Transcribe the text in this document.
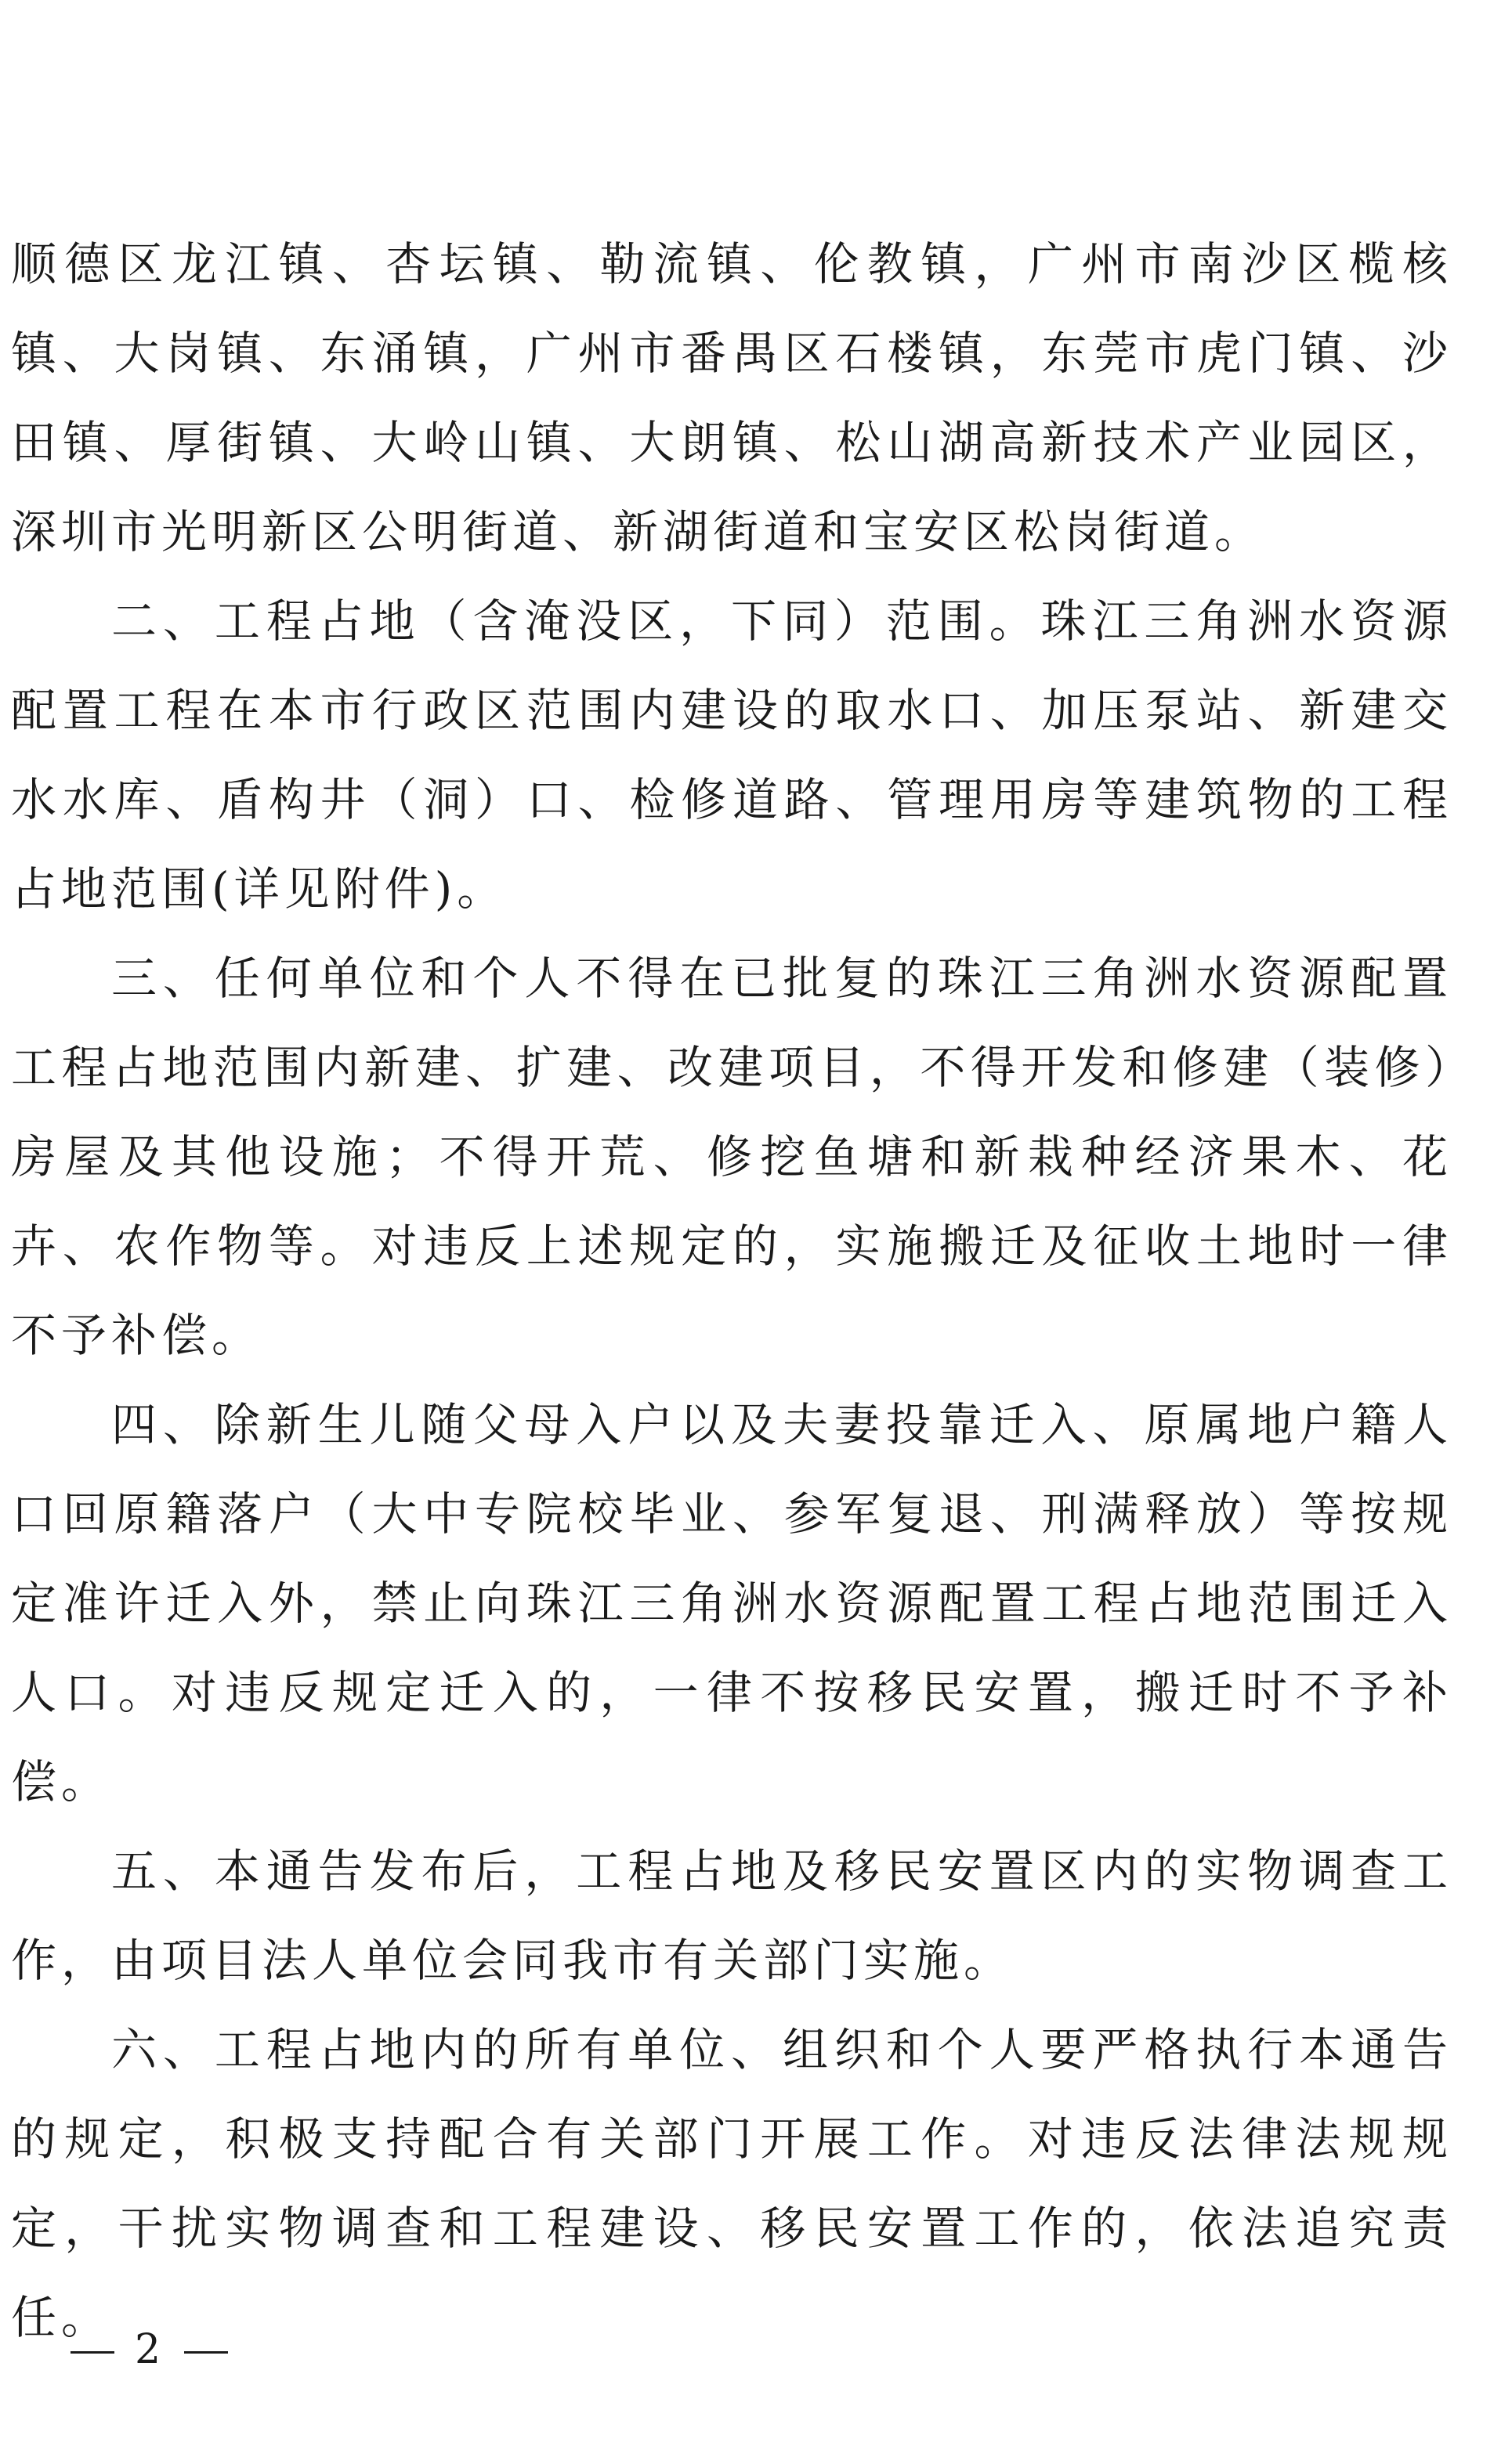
顺德区龙江镇、杏坛镇、勒流镇、伦教镇，广州市南沙区榄核镇、大岗镇、东涌镇，广州市番禺区石楼镇，东莞市虎门镇、沙田镇、厚街镇、大岭山镇、大朗镇、松山湖高新技术产业园区，深圳市光明新区公明街道、新湖街道和宝安区松岗街道。

二、工程占地（含淹没区，下同）范围。珠江三角洲水资源配置工程在本市行政区范围内建设的取水口、加压泵站、新建交水水库、盾构井（洞）口、检修道路、管理用房等建筑物的工程占地范围(详见附件)。

三、任何单位和个人不得在已批复的珠江三角洲水资源配置工程占地范围内新建、扩建、改建项目，不得开发和修建（装修）房屋及其他设施；不得开荒、修挖鱼塘和新栽种经济果木、花卉、农作物等。对违反上述规定的，实施搬迁及征收土地时一律不予补偿。

四、除新生儿随父母入户以及夫妻投靠迁入、原属地户籍人口回原籍落户（大中专院校毕业、参军复退、刑满释放）等按规定准许迁入外，禁止向珠江三角洲水资源配置工程占地范围迁入人口。对违反规定迁入的，一律不按移民安置，搬迁时不予补偿。

五、本通告发布后，工程占地及移民安置区内的实物调查工作，由项目法人单位会同我市有关部门实施。

六、工程占地内的所有单位、组织和个人要严格执行本通告的规定，积极支持配合有关部门开展工作。对违反法律法规规定，干扰实物调查和工程建设、移民安置工作的，依法追究责任。

2
